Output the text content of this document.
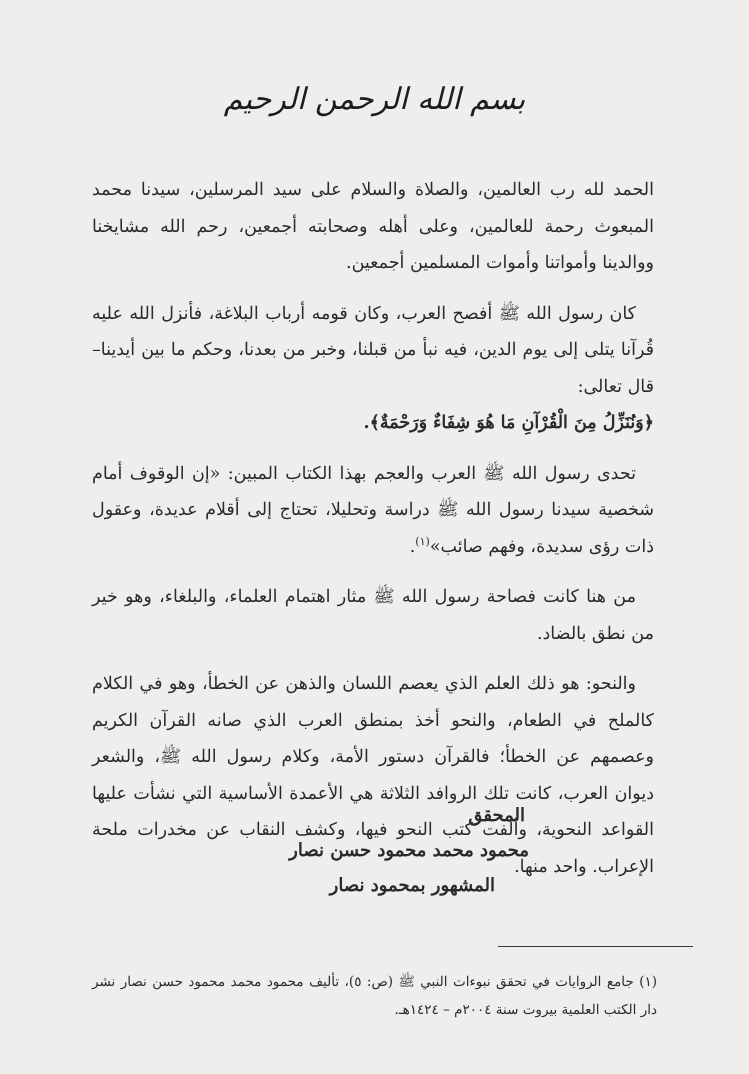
بسم الله الرحمن الرحيم

الحمد لله رب العالمين، والصلاة والسلام على سيد المرسلين، سيدنا محمد المبعوث رحمة للعالمين، وعلى أهله وصحابته أجمعين، رحم الله مشايخنا ووالدينا وأمواتنا وأموات المسلمين أجمعين.

كان رسول الله ﷺ أفصح العرب، وكان قومه أرباب البلاغة، فأنزل الله عليه قُرآنا يتلى إلى يوم الدين، فيه نبأ من قبلنا، وخبر من بعدنا، وحكم ما بين أيدينا– قال تعالى:
﴿وَنُنَزِّلُ مِنَ الْقُرْآنِ مَا هُوَ شِفَاءٌ وَرَحْمَةٌ﴾.

تحدى رسول الله ﷺ العرب والعجم بهذا الكتاب المبين: «إن الوقوف أمام شخصية سيدنا رسول الله ﷺ دراسة وتحليلا، تحتاج إلى أقلام عديدة، وعقول ذات رؤى سديدة، وفهم صائب»$^{(١)}$.

من هنا كانت فصاحة رسول الله ﷺ مثار اهتمام العلماء، والبلغاء، وهو خير من نطق بالضاد.

والنحو: هو ذلك العلم الذي يعصم اللسان والذهن عن الخطأ، وهو في الكلام كالملح في الطعام، والنحو أخذ بمنطق العرب الذي صانه القرآن الكريم وعصمهم عن الخطأ؛ فالقرآن دستور الأمة، وكلام رسول الله ﷺ، والشعر ديوان العرب، كانت تلك الروافد الثلاثة هي الأعمدة الأساسية التي نشأت عليها القواعد النحوية، وألفت كتب النحو فيها، وكشف النقاب عن مخدرات ملحة الإعراب. واحد منها.

المحقق
محمود محمد محمود حسن نصار
المشهور بمحمود نصار
(١) جامع الروايات في تحقق نبوءات النبي ﷺ (ص: ٥)، تأليف محمود محمد محمود حسن نصار نشر دار الكتب العلمية بيروت سنة ٢٠٠٤م – ١٤٢٤هـ.
